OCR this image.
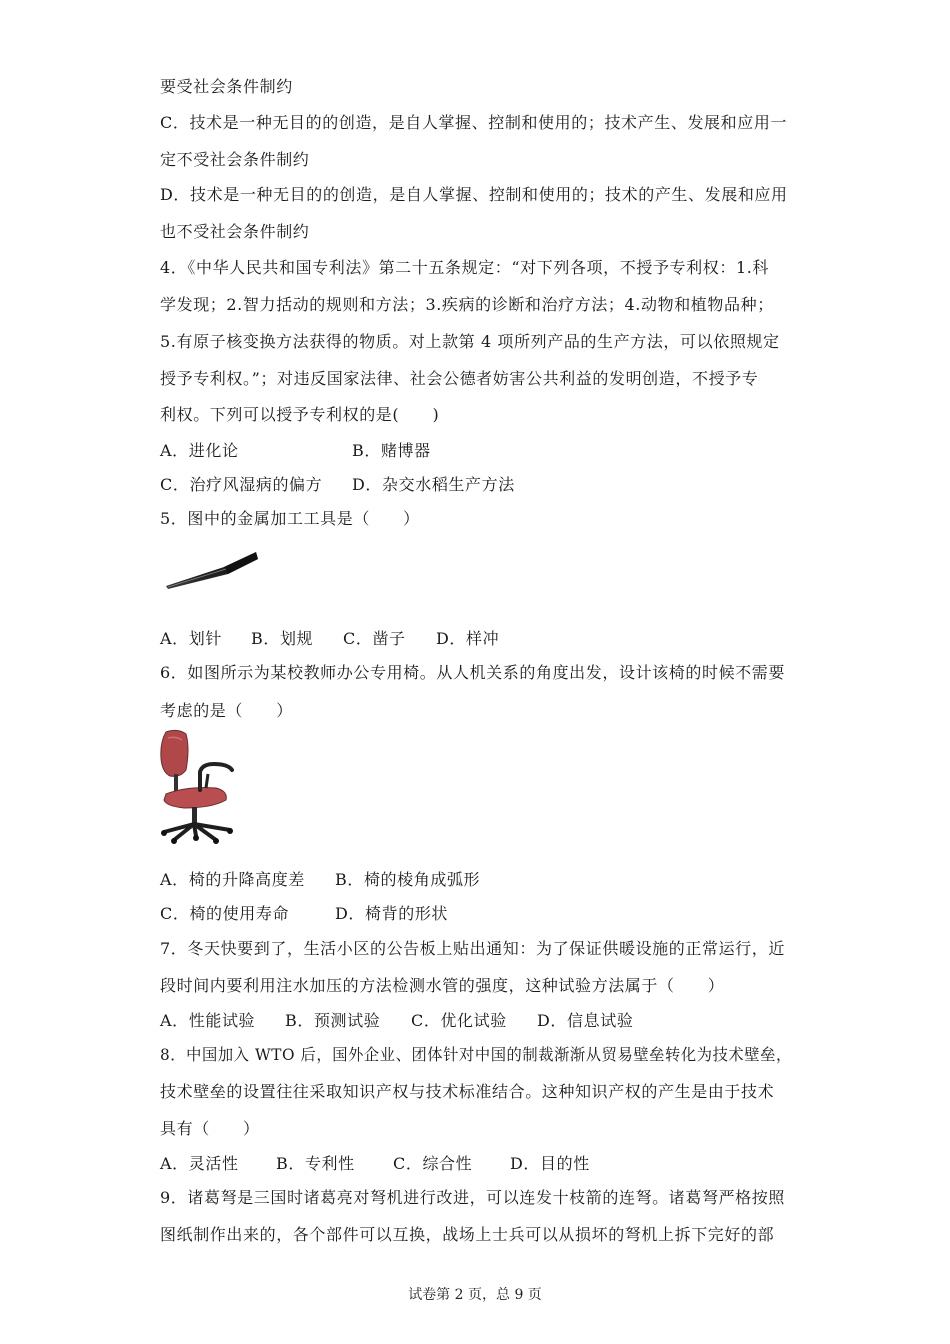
要受社会条件制约
C．技术是一种无目的的创造，是自人掌握、控制和使用的；技术产生、发展和应用一
定不受社会条件制约
D．技术是一种无目的的创造，是自人掌握、控制和使用的；技术的产生、发展和应用
也不受社会条件制约
4．《中华人民共和国专利法》第二十五条规定：“对下列各项，不授予专利权：1.科
学发现；2.智力括动的规则和方法；3.疾病的诊断和治疗方法；4.动物和植物品种；
5.有原子核变换方法获得的物质。对上款第 4 项所列产品的生产方法，可以依照规定
授予专利权。”；对违反国家法律、社会公德者妨害公共利益的发明创造，不授予专
利权。下列可以授予专利权的是(　　)
A．进化论	B．赌博器
C．治疗风湿病的偏方 D．杂交水稻生产方法
5．图中的金属加工工具是（　　）
A．划针 B．划规 C．凿子 D．样冲
6．如图所示为某校教师办公专用椅。从人机关系的角度出发，设计该椅的时候不需要
考虑的是（　　）
A．椅的升降高度差 B．椅的棱角成弧形
C．椅的使用寿命	D．椅背的形状
7．冬天快要到了，生活小区的公告板上贴出通知：为了保证供暖设施的正常运行，近
段时间内要利用注水加压的方法检测水管的强度，这种试验方法属于（　　）
A．性能试验 B．预测试验 C．优化试验 D．信息试验
8．中国加入 WTO 后，国外企业、团体针对中国的制裁渐渐从贸易壁垒转化为技术壁垒，
技术壁垒的设置往往采取知识产权与技术标准结合。这种知识产权的产生是由于技术
具有（　　）
A．灵活性 B．专利性 C．综合性 D．目的性
9．诸葛弩是三国时诸葛亮对弩机进行改进，可以连发十枝箭的连弩。诸葛弩严格按照
图纸制作出来的，各个部件可以互换，战场上士兵可以从损坏的弩机上拆下完好的部
试卷第 2 页，总 9 页
